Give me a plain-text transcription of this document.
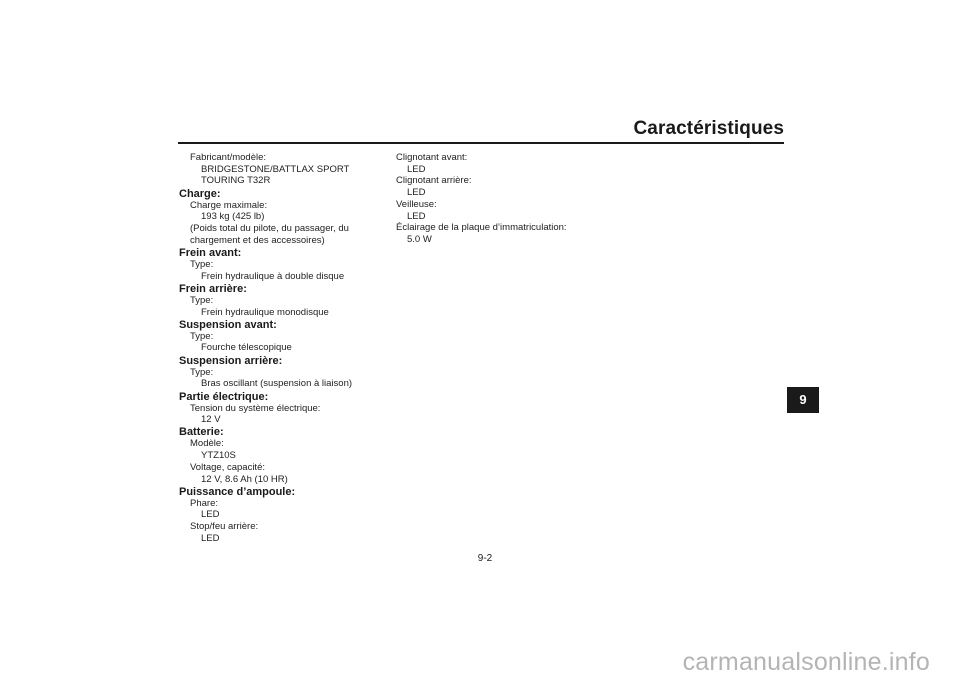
Caractéristiques
Fabricant/modèle:
BRIDGESTONE/BATTLAX SPORT
TOURING T32R
Charge:
Charge maximale:
193 kg (425 lb)
(Poids total du pilote, du passager, du
chargement et des accessoires)
Frein avant:
Type:
Frein hydraulique à double disque
Frein arrière:
Type:
Frein hydraulique monodisque
Suspension avant:
Type:
Fourche télescopique
Suspension arrière:
Type:
Bras oscillant (suspension à liaison)
Partie électrique:
Tension du système électrique:
12 V
Batterie:
Modèle:
YTZ10S
Voltage, capacité:
12 V, 8.6 Ah (10 HR)
Puissance d’ampoule:
Phare:
LED
Stop/feu arrière:
LED
Clignotant avant:
LED
Clignotant arrière:
LED
Veilleuse:
LED
Éclairage de la plaque d’immatriculation:
5.0 W
9
9-2
carmanualsonline.info
